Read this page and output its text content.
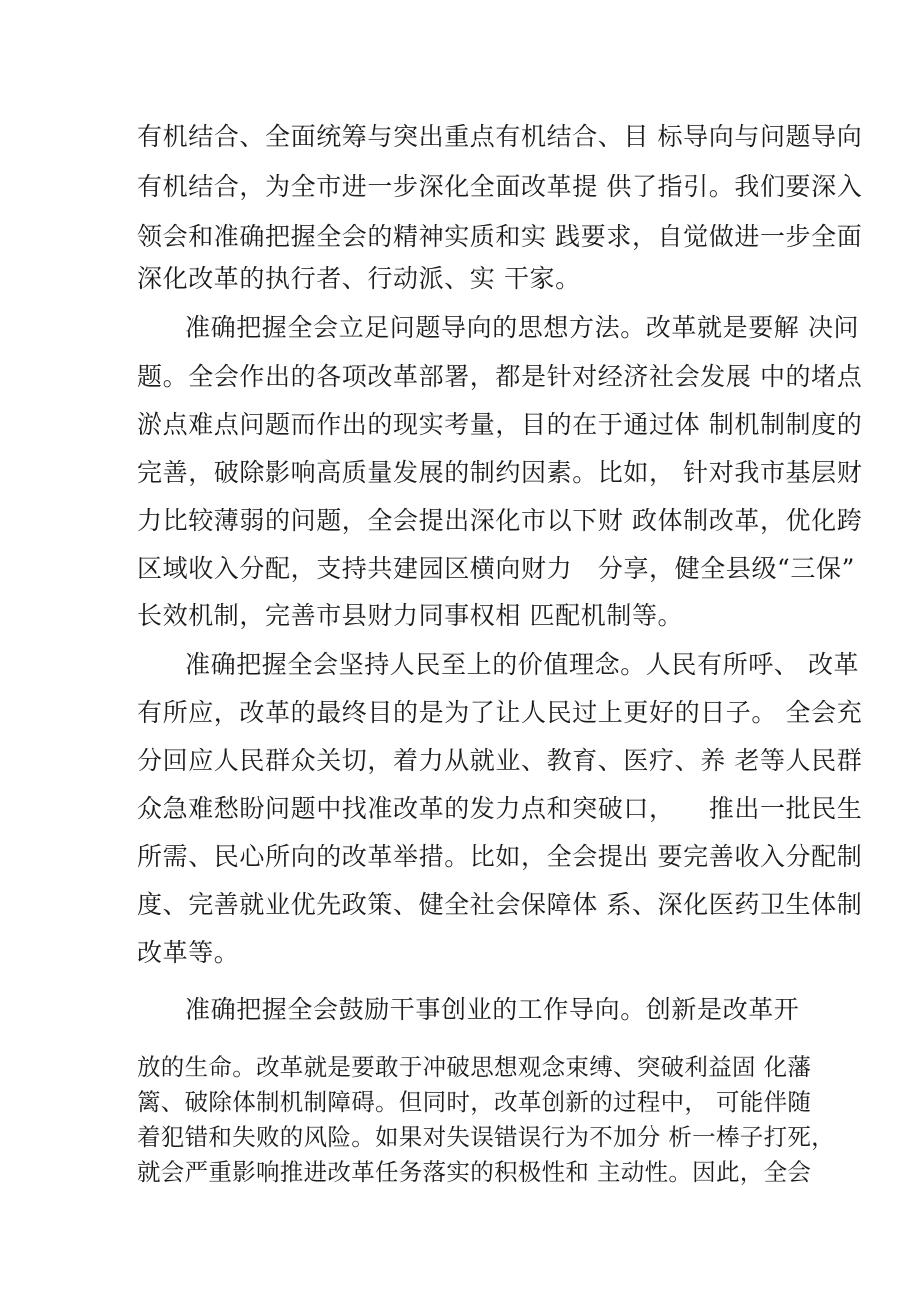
有机结合、全面统筹与突出重点有机结合、目 标导向与问题导向
有机结合，为全市进一步深化全面改革提 供了指引。我们要深入
领会和准确把握全会的精神实质和实 践要求，自觉做进一步全面
深化改革的执行者、行动派、实 干家。
准确把握全会立足问题导向的思想方法。改革就是要解 决问
题。全会作出的各项改革部署，都是针对经济社会发展 中的堵点
淤点难点问题而作出的现实考量，目的在于通过体 制机制制度的
完善，破除影响高质量发展的制约因素。比如， 针对我市基层财
力比较薄弱的问题，全会提出深化市以下财 政体制改革，优化跨
区域收入分配，支持共建园区横向财力   分享，健全县级“三保”
长效机制，完善市县财力同事权相 匹配机制等。
准确把握全会坚持人民至上的价值理念。人民有所呼、 改革
有所应，改革的最终目的是为了让人民过上更好的日子。 全会充
分回应人民群众关切，着力从就业、教育、医疗、养 老等人民群
众急难愁盼问题中找准改革的发力点和突破口，    推出一批民生
所需、民心所向的改革举措。比如，全会提出 要完善收入分配制
度、完善就业优先政策、健全社会保障体 系、深化医药卫生体制
改革等。
准确把握全会鼓励干事创业的工作导向。创新是改革开
放的生命。改革就是要敢于冲破思想观念束缚、突破利益固 化藩
篱、破除体制机制障碍。但同时，改革创新的过程中， 可能伴随
着犯错和失败的风险。如果对失误错误行为不加分 析一棒子打死，
就会严重影响推进改革任务落实的积极性和 主动性。因此，全会
